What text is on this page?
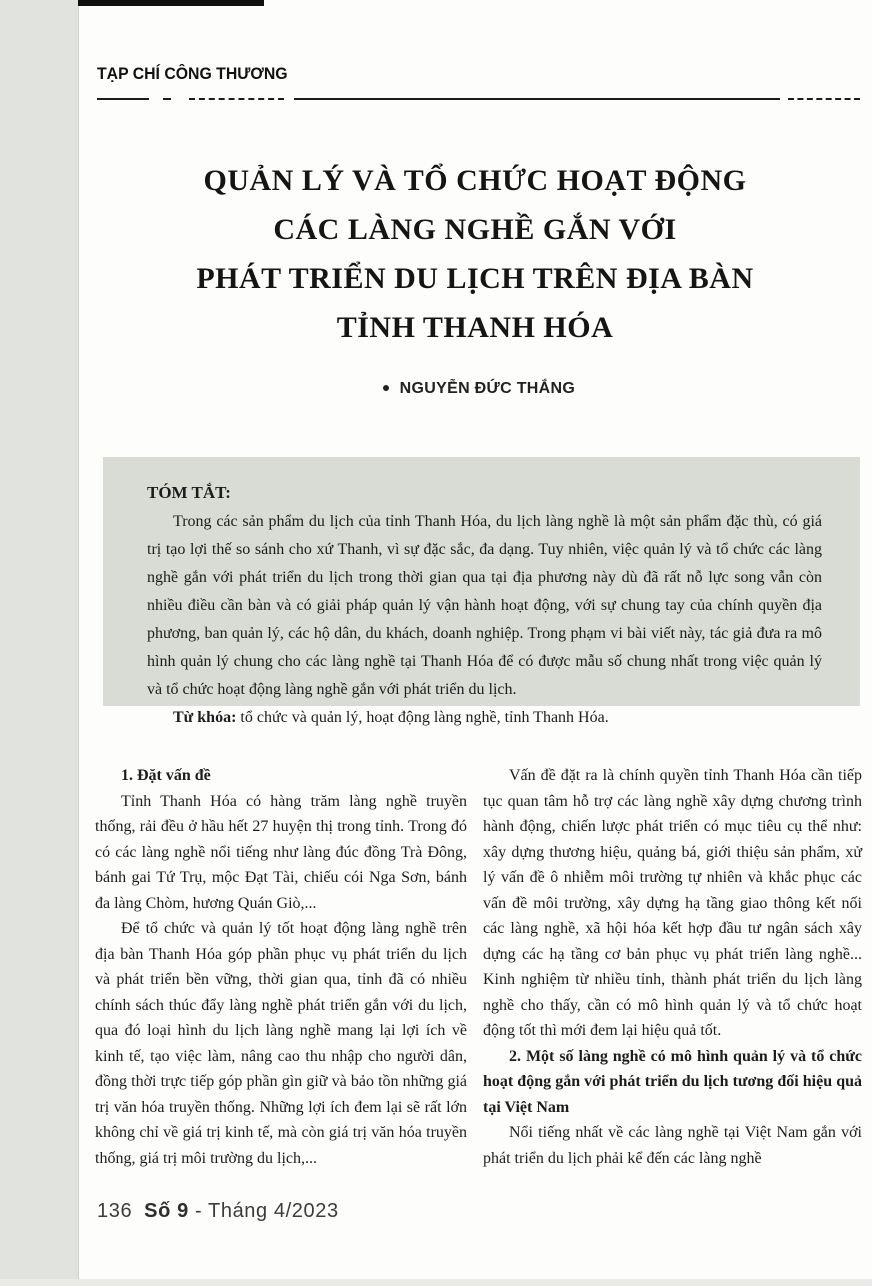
TẠP CHÍ CÔNG THƯƠNG
QUẢN LÝ VÀ TỔ CHỨC HOẠT ĐỘNG
CÁC LÀNG NGHỀ GẮN VỚI
PHÁT TRIỂN DU LỊCH TRÊN ĐỊA BÀN
TỈNH THANH HÓA
● NGUYỄN ĐỨC THẮNG
TÓM TẮT:

Trong các sản phẩm du lịch của tỉnh Thanh Hóa, du lịch làng nghề là một sản phẩm đặc thù, có giá trị tạo lợi thế so sánh cho xứ Thanh, vì sự đặc sắc, đa dạng. Tuy nhiên, việc quản lý và tổ chức các làng nghề gắn với phát triển du lịch trong thời gian qua tại địa phương này dù đã rất nỗ lực song vẫn còn nhiều điều cần bàn và có giải pháp quản lý vận hành hoạt động, với sự chung tay của chính quyền địa phương, ban quản lý, các hộ dân, du khách, doanh nghiệp. Trong phạm vi bài viết này, tác giả đưa ra mô hình quản lý chung cho các làng nghề tại Thanh Hóa để có được mẫu số chung nhất trong việc quản lý và tổ chức hoạt động làng nghề gắn với phát triển du lịch.

Từ khóa: tổ chức và quản lý, hoạt động làng nghề, tỉnh Thanh Hóa.

1. Đặt vấn đề

Tỉnh Thanh Hóa có hàng trăm làng nghề truyền thống, rải đều ở hầu hết 27 huyện thị trong tỉnh. Trong đó có các làng nghề nổi tiếng như làng đúc đồng Trà Đông, bánh gai Tứ Trụ, mộc Đạt Tài, chiếu cói Nga Sơn, bánh đa làng Chòm, hương Quán Giò,...

Để tổ chức và quản lý tốt hoạt động làng nghề trên địa bàn Thanh Hóa góp phần phục vụ phát triển du lịch và phát triển bền vững, thời gian qua, tỉnh đã có nhiều chính sách thúc đẩy làng nghề phát triển gắn với du lịch, qua đó loại hình du lịch làng nghề mang lại lợi ích về kinh tế, tạo việc làm, nâng cao thu nhập cho người dân, đồng thời trực tiếp góp phần gìn giữ và bảo tồn những giá trị văn hóa truyền thống. Những lợi ích đem lại sẽ rất lớn không chỉ về giá trị kinh tế, mà còn giá trị văn hóa truyền thống, giá trị môi trường du lịch,...

Vấn đề đặt ra là chính quyền tỉnh Thanh Hóa cần tiếp tục quan tâm hỗ trợ các làng nghề xây dựng chương trình hành động, chiến lược phát triển có mục tiêu cụ thể như: xây dựng thương hiệu, quảng bá, giới thiệu sản phẩm, xử lý vấn đề ô nhiễm môi trường tự nhiên và khắc phục các vấn đề môi trường, xây dựng hạ tầng giao thông kết nối các làng nghề, xã hội hóa kết hợp đầu tư ngân sách xây dựng các hạ tầng cơ bản phục vụ phát triển làng nghề... Kinh nghiệm từ nhiều tỉnh, thành phát triển du lịch làng nghề cho thấy, cần có mô hình quản lý và tổ chức hoạt động tốt thì mới đem lại hiệu quả tốt.

2. Một số làng nghề có mô hình quản lý và tổ chức hoạt động gắn với phát triển du lịch tương đối hiệu quả tại Việt Nam

Nổi tiếng nhất về các làng nghề tại Việt Nam gắn với phát triển du lịch phải kể đến các làng nghề

136 Số 9 - Tháng 4/2023
